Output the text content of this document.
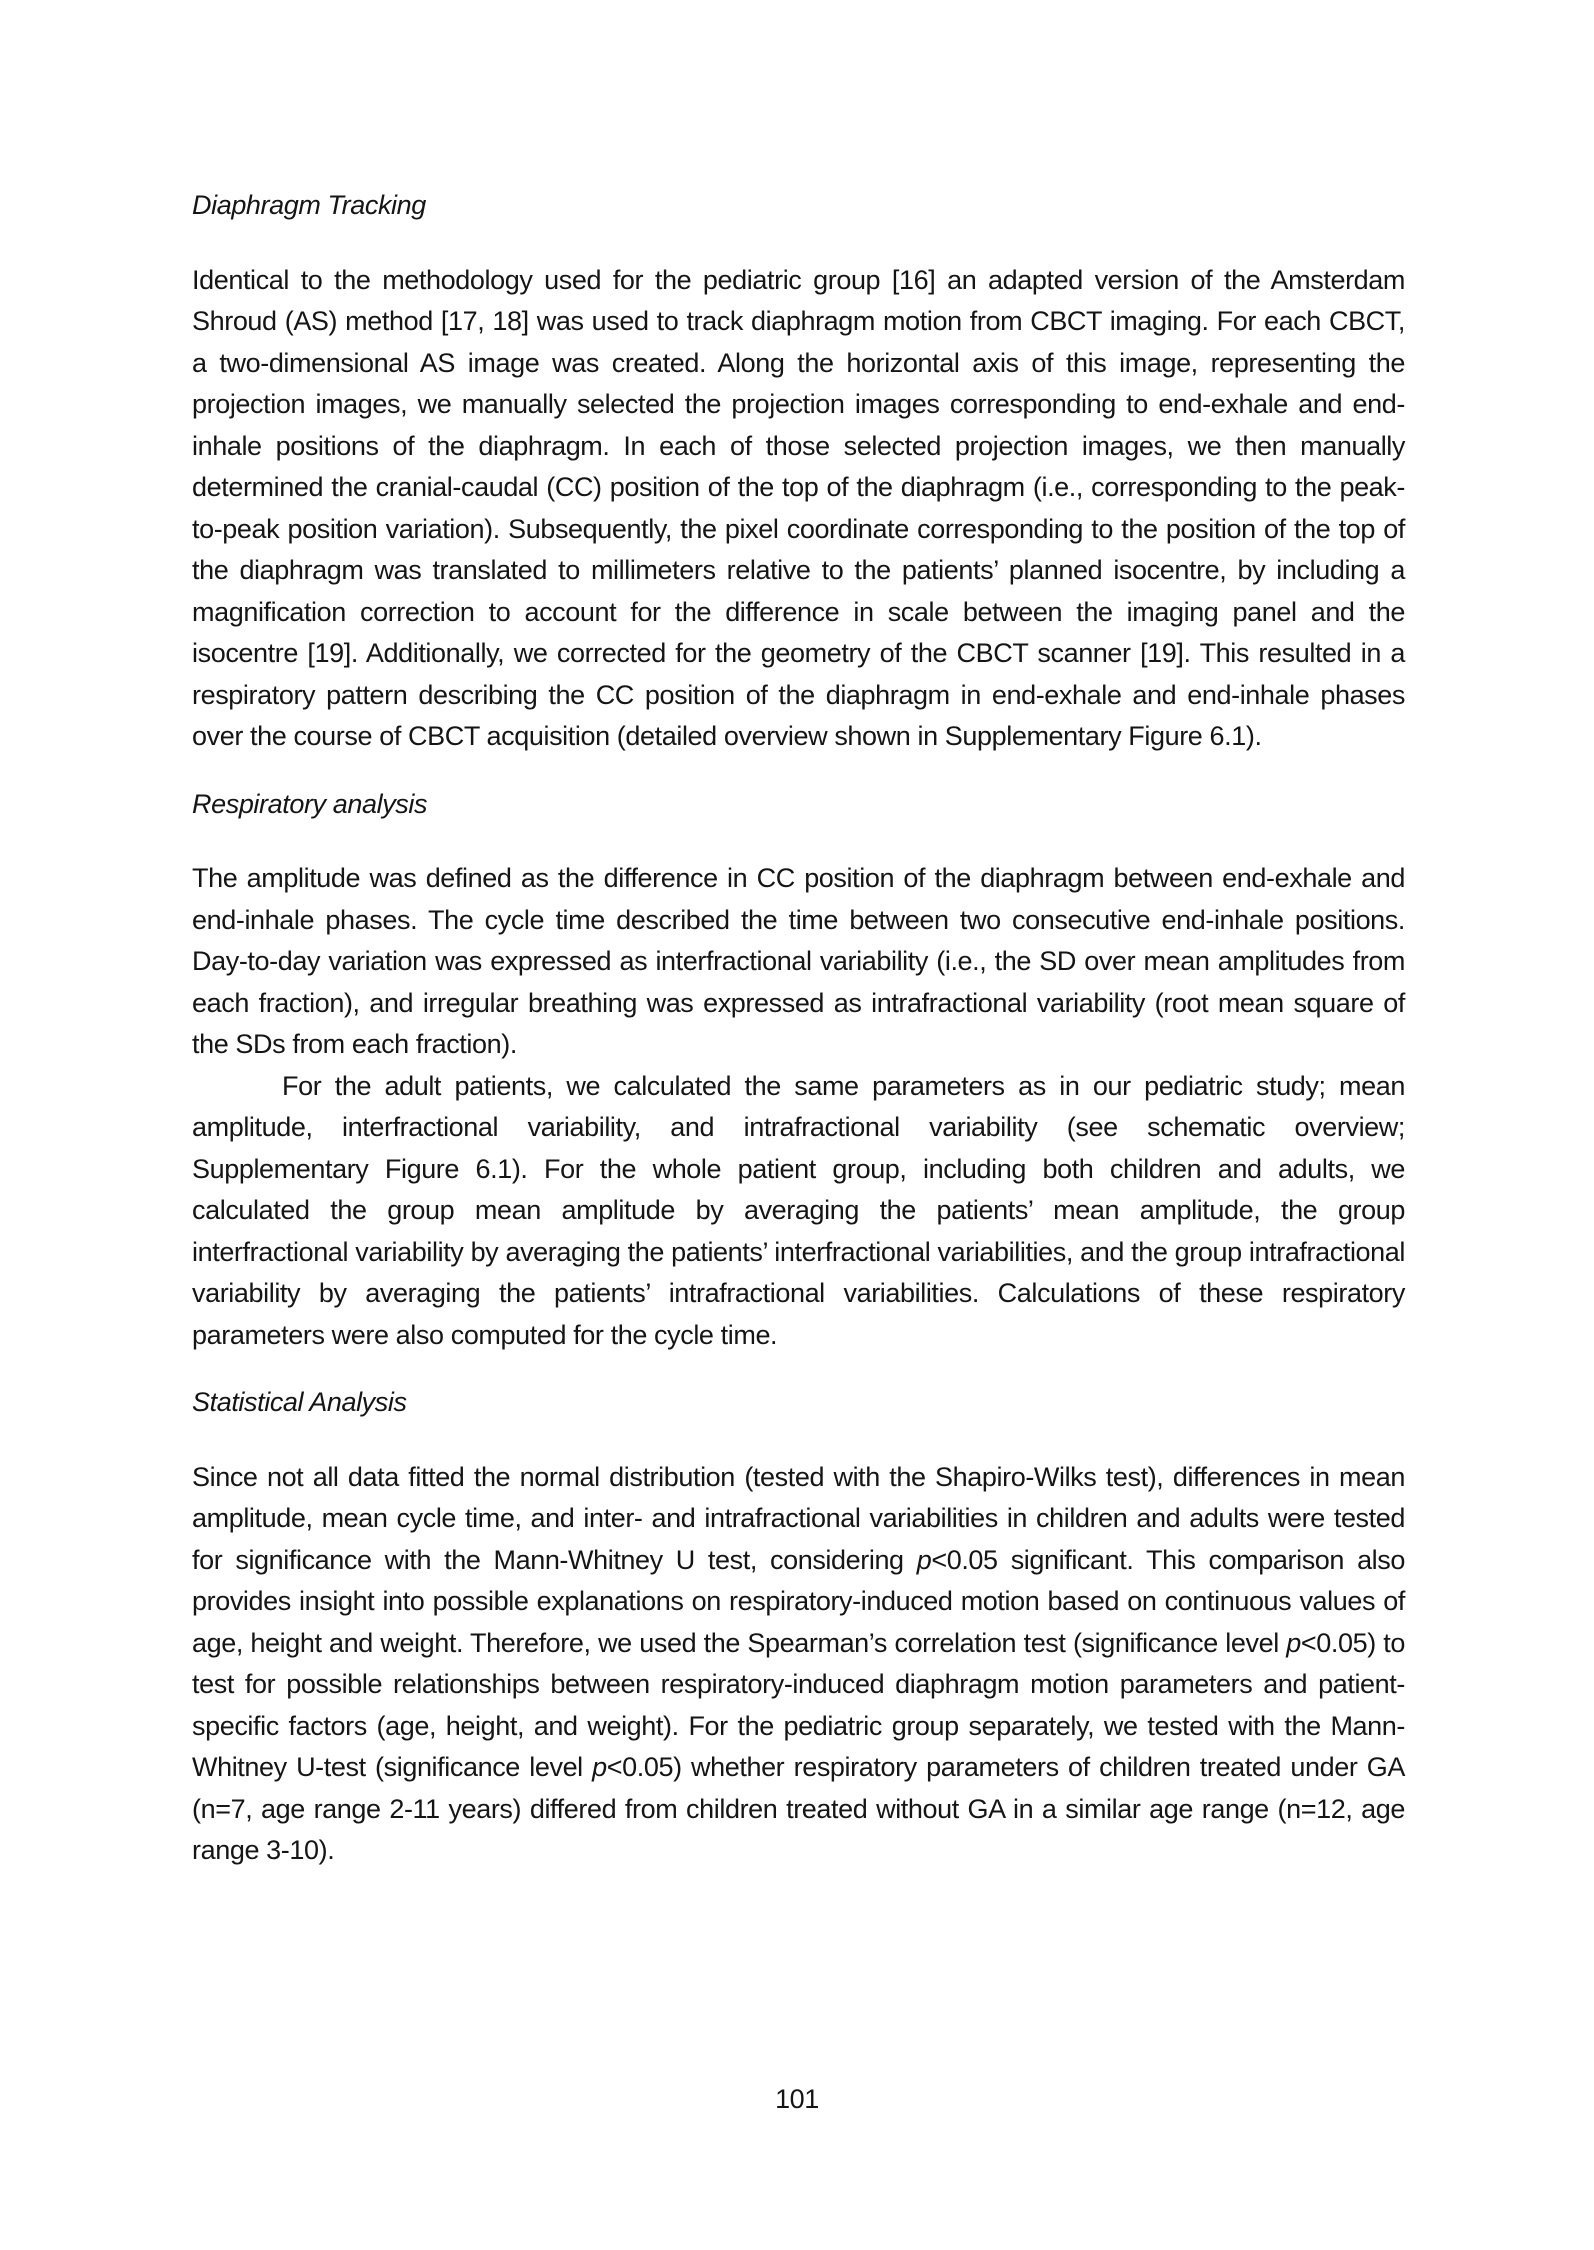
Diaphragm Tracking

Identical to the methodology used for the pediatric group [16] an adapted version of the Amsterdam Shroud (AS) method [17, 18] was used to track diaphragm motion from CBCT imaging. For each CBCT, a two-dimensional AS image was created. Along the horizontal axis of this image, representing the projection images, we manually selected the projection images corresponding to end-exhale and end-inhale positions of the diaphragm. In each of those selected projection images, we then manually determined the cranial-caudal (CC) position of the top of the diaphragm (i.e., corresponding to the peak-to-peak position variation). Subsequently, the pixel coordinate corresponding to the position of the top of the diaphragm was translated to millimeters relative to the patients’ planned isocentre, by including a magnification correction to account for the difference in scale between the imaging panel and the isocentre [19]. Additionally, we corrected for the geometry of the CBCT scanner [19]. This resulted in a respiratory pattern describing the CC position of the diaphragm in end-exhale and end-inhale phases over the course of CBCT acquisition (detailed overview shown in Supplementary Figure 6.1).

Respiratory analysis

The amplitude was defined as the difference in CC position of the diaphragm between end-exhale and end-inhale phases. The cycle time described the time between two consecutive end-inhale positions. Day-to-day variation was expressed as interfractional variability (i.e., the SD over mean amplitudes from each fraction), and irregular breathing was expressed as intrafractional variability (root mean square of the SDs from each fraction).

For the adult patients, we calculated the same parameters as in our pediatric study; mean amplitude, interfractional variability, and intrafractional variability (see schematic overview; Supplementary Figure 6.1). For the whole patient group, including both children and adults, we calculated the group mean amplitude by averaging the patients’ mean amplitude, the group interfractional variability by averaging the patients’ interfractional variabilities, and the group intrafractional variability by averaging the patients’ intrafractional variabilities. Calculations of these respiratory parameters were also computed for the cycle time.

Statistical Analysis

Since not all data fitted the normal distribution (tested with the Shapiro-Wilks test), differences in mean amplitude, mean cycle time, and inter- and intrafractional variabilities in children and adults were tested for significance with the Mann-Whitney U test, considering p<0.05 significant. This comparison also provides insight into possible explanations on respiratory-induced motion based on continuous values of age, height and weight. Therefore, we used the Spearman’s correlation test (significance level p<0.05) to test for possible relationships between respiratory-induced diaphragm motion parameters and patient-specific factors (age, height, and weight). For the pediatric group separately, we tested with the Mann-Whitney U-test (significance level p<0.05) whether respiratory parameters of children treated under GA (n=7, age range 2-11 years) differed from children treated without GA in a similar age range (n=12, age range 3-10).

101
